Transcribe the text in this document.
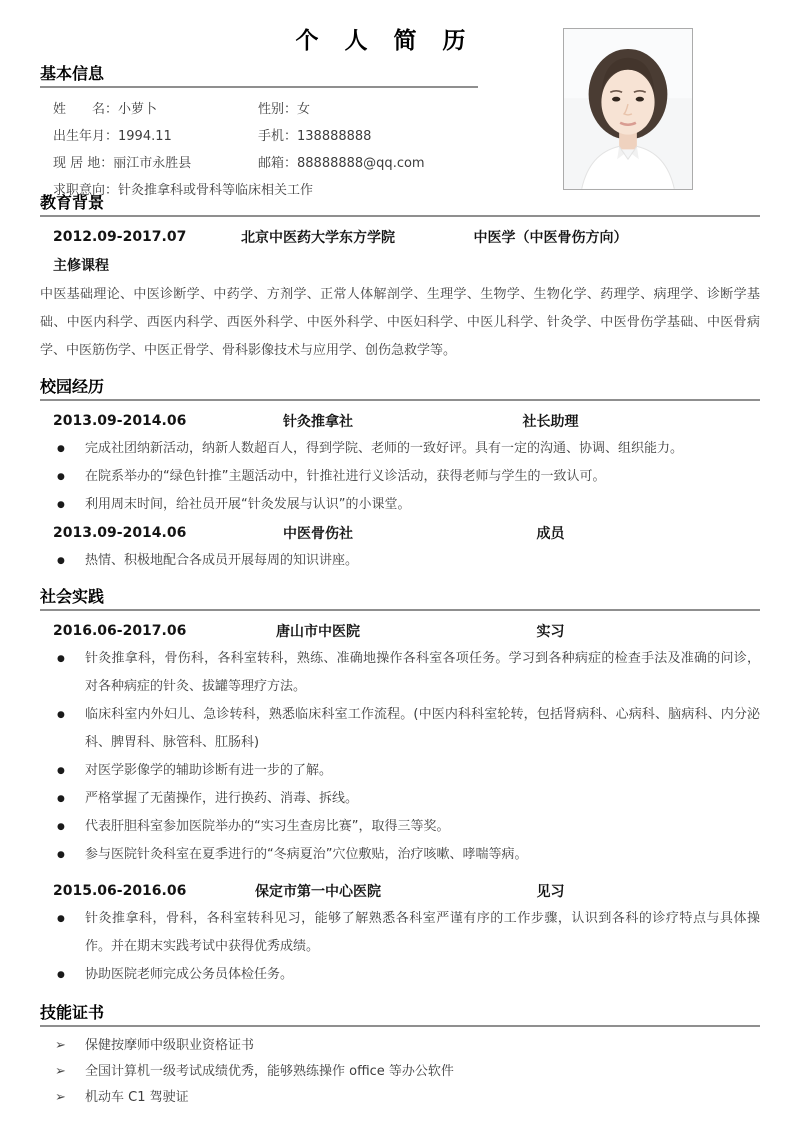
个 人 简 历
基本信息
姓　　名：小萝卜	性别：女
出生年月：1994.11	手机：138888888
现 居 地：丽江市永胜县	邮箱：88888888@qq.com
求职意向：针灸推拿科或骨科等临床相关工作
教育背景
2012.09-2017.07	北京中医药大学东方学院	中医学（中医骨伤方向）
主修课程
中医基础理论、中医诊断学、中药学、方剂学、正常人体解剖学、生理学、生物学、生物化学、药理学、病理学、诊断学基础、中医内科学、西医内科学、西医外科学、中医外科学、中医妇科学、中医儿科学、针灸学、中医骨伤学基础、中医骨病学、中医筋伤学、中医正骨学、骨科影像技术与应用学、创伤急救学等。
校园经历
2013.09-2014.06	针灸推拿社	社长助理
● 完成社团纳新活动，纳新人数超百人，得到学院、老师的一致好评。具有一定的沟通、协调、组织能力。
● 在院系举办的“绿色针推”主题活动中，针推社进行义诊活动，获得老师与学生的一致认可。
● 利用周末时间，给社员开展“针灸发展与认识”的小课堂。
2013.09-2014.06	中医骨伤社	成员
● 热情、积极地配合各成员开展每周的知识讲座。
社会实践
2016.06-2017.06	唐山市中医院	实习
● 针灸推拿科，骨伤科，各科室转科，熟练、准确地操作各科室各项任务。学习到各种病症的检查手法及准确的问诊，对各种病症的针灸、拔罐等理疗方法。
● 临床科室内外妇儿、急诊转科，熟悉临床科室工作流程。(中医内科科室轮转，包括肾病科、心病科、脑病科、内分泌科、脾胃科、脉管科、肛肠科)
● 对医学影像学的辅助诊断有进一步的了解。
● 严格掌握了无菌操作，进行换药、消毒、拆线。
● 代表肝胆科室参加医院举办的“实习生查房比赛”，取得三等奖。
● 参与医院针灸科室在夏季进行的“冬病夏治”穴位敷贴，治疗咳嗽、哮喘等病。
2015.06-2016.06	保定市第一中心医院	见习
● 针灸推拿科，骨科，各科室转科见习，能够了解熟悉各科室严谨有序的工作步骤，认识到各科的诊疗特点与具体操作。并在期末实践考试中获得优秀成绩。
● 协助医院老师完成公务员体检任务。
技能证书
➢ 保健按摩师中级职业资格证书
➢ 全国计算机一级考试成绩优秀，能够熟练操作 office 等办公软件
➢ 机动车 C1 驾驶证
